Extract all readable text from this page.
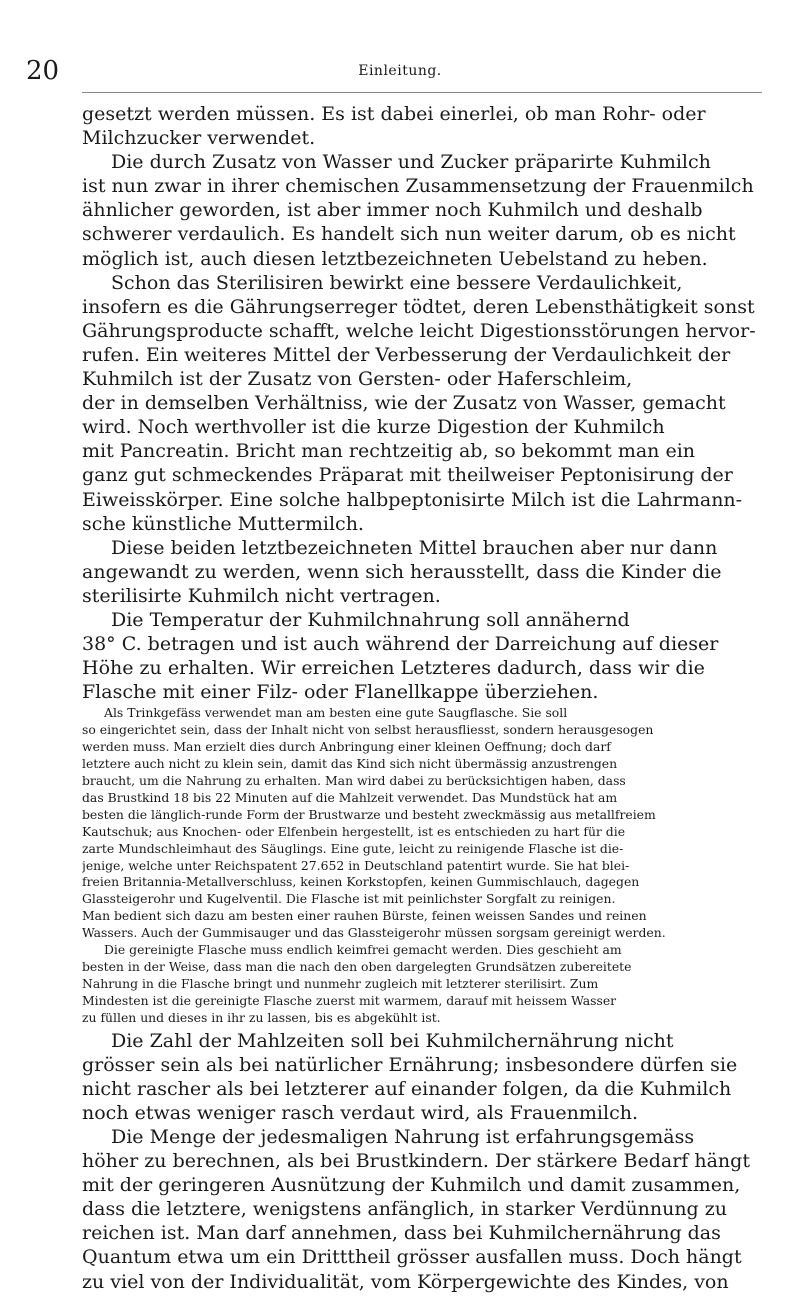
20	Einleitung.
gesetzt werden müssen. Es ist dabei einerlei, ob man Rohr- oder
Milchzucker verwendet.
Die durch Zusatz von Wasser und Zucker präparirte Kuhmilch
ist nun zwar in ihrer chemischen Zusammensetzung der Frauenmilch
ähnlicher geworden, ist aber immer noch Kuhmilch und deshalb
schwerer verdaulich. Es handelt sich nun weiter darum, ob es nicht
möglich ist, auch diesen letztbezeichneten Uebelstand zu heben.
Schon das Sterilisiren bewirkt eine bessere Verdaulichkeit,
insofern es die Gährungserreger tödtet, deren Lebensthätigkeit sonst
Gährungsproducte schafft, welche leicht Digestionsstörungen hervor-
rufen. Ein weiteres Mittel der Verbesserung der Verdaulichkeit der
Kuhmilch ist der Zusatz von Gersten- oder Haferschleim,
der in demselben Verhältniss, wie der Zusatz von Wasser, gemacht
wird. Noch werthvoller ist die kurze Digestion der Kuhmilch
mit Pancreatin. Bricht man rechtzeitig ab, so bekommt man ein
ganz gut schmeckendes Präparat mit theilweiser Peptonisirung der
Eiweisskörper. Eine solche halbpeptonisirte Milch ist die Lahrmann-
sche künstliche Muttermilch.
Diese beiden letztbezeichneten Mittel brauchen aber nur dann
angewandt zu werden, wenn sich herausstellt, dass die Kinder die
sterilisirte Kuhmilch nicht vertragen.
Die Temperatur der Kuhmilchnahrung soll annähernd
38° C. betragen und ist auch während der Darreichung auf dieser
Höhe zu erhalten. Wir erreichen Letzteres dadurch, dass wir die
Flasche mit einer Filz- oder Flanellkappe überziehen.
Als Trinkgefäss verwendet man am besten eine gute Saugflasche. Sie soll
so eingerichtet sein, dass der Inhalt nicht von selbst herausfliesst, sondern herausgesogen
werden muss. Man erzielt dies durch Anbringung einer kleinen Oeffnung; doch darf
letztere auch nicht zu klein sein, damit das Kind sich nicht übermässig anzustrengen
braucht, um die Nahrung zu erhalten. Man wird dabei zu berücksichtigen haben, dass
das Brustkind 18 bis 22 Minuten auf die Mahlzeit verwendet. Das Mundstück hat am
besten die länglich-runde Form der Brustwarze und besteht zweckmässig aus metallfreiem
Kautschuk; aus Knochen- oder Elfenbein hergestellt, ist es entschieden zu hart für die
zarte Mundschleimhaut des Säuglings. Eine gute, leicht zu reinigende Flasche ist die-
jenige, welche unter Reichspatent 27.652 in Deutschland patentirt wurde. Sie hat blei-
freien Britannia-Metallverschluss, keinen Korkstopfen, keinen Gummischlauch, dagegen
Glassteigerohr und Kugelventil. Die Flasche ist mit peinlichster Sorgfalt zu reinigen.
Man bedient sich dazu am besten einer rauhen Bürste, feinen weissen Sandes und reinen
Wassers. Auch der Gummisauger und das Glassteigerohr müssen sorgsam gereinigt werden.
Die gereinigte Flasche muss endlich keimfrei gemacht werden. Dies geschieht am
besten in der Weise, dass man die nach den oben dargelegten Grundsätzen zubereitete
Nahrung in die Flasche bringt und nunmehr zugleich mit letzterer sterilisirt. Zum
Mindesten ist die gereinigte Flasche zuerst mit warmem, darauf mit heissem Wasser
zu füllen und dieses in ihr zu lassen, bis es abgekühlt ist.
Die Zahl der Mahlzeiten soll bei Kuhmilchernährung nicht
grösser sein als bei natürlicher Ernährung; insbesondere dürfen sie
nicht rascher als bei letzterer auf einander folgen, da die Kuhmilch
noch etwas weniger rasch verdaut wird, als Frauenmilch.
Die Menge der jedesmaligen Nahrung ist erfahrungsgemäss
höher zu berechnen, als bei Brustkindern. Der stärkere Bedarf hängt
mit der geringeren Ausnützung der Kuhmilch und damit zusammen,
dass die letztere, wenigstens anfänglich, in starker Verdünnung zu
reichen ist. Man darf annehmen, dass bei Kuhmilchernährung das
Quantum etwa um ein Dritttheil grösser ausfallen muss. Doch hängt
zu viel von der Individualität, vom Körpergewichte des Kindes, von
